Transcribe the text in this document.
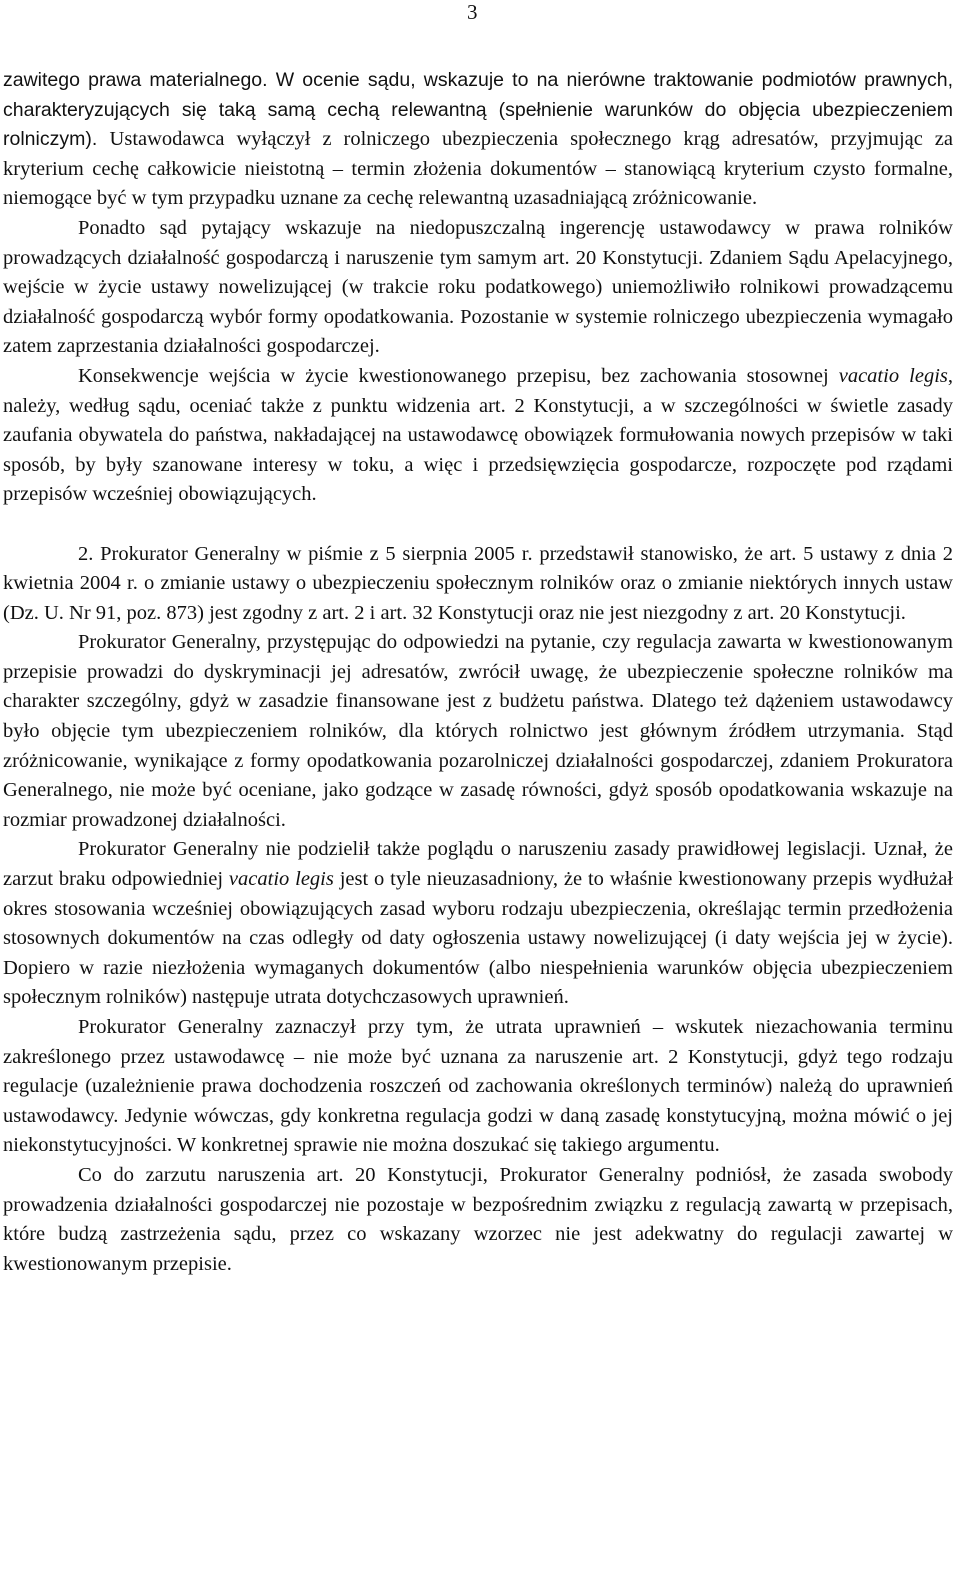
3

zawitego prawa materialnego. W ocenie sądu, wskazuje to na nierówne traktowanie podmiotów prawnych, charakteryzujących się taką samą cechą relewantną (spełnienie warunków do objęcia ubezpieczeniem rolniczym). Ustawodawca wyłączył z rolniczego ubezpieczenia społecznego krąg adresatów, przyjmując za kryterium cechę całkowicie nieistotną – termin złożenia dokumentów – stanowiącą kryterium czysto formalne, niemogące być w tym przypadku uznane za cechę relewantną uzasadniającą zróżnicowanie.

Ponadto sąd pytający wskazuje na niedopuszczalną ingerencję ustawodawcy w prawa rolników prowadzących działalność gospodarczą i naruszenie tym samym art. 20 Konstytucji. Zdaniem Sądu Apelacyjnego, wejście w życie ustawy nowelizującej (w trakcie roku podatkowego) uniemożliwiło rolnikowi prowadzącemu działalność gospodarczą wybór formy opodatkowania. Pozostanie w systemie rolniczego ubezpieczenia wymagało zatem zaprzestania działalności gospodarczej.

Konsekwencje wejścia w życie kwestionowanego przepisu, bez zachowania stosownej vacatio legis, należy, według sądu, oceniać także z punktu widzenia art. 2 Konstytucji, a w szczególności w świetle zasady zaufania obywatela do państwa, nakładającej na ustawodawcę obowiązek formułowania nowych przepisów w taki sposób, by były szanowane interesy w toku, a więc i przedsięwzięcia gospodarcze, rozpoczęte pod rządami przepisów wcześniej obowiązujących.

2. Prokurator Generalny w piśmie z 5 sierpnia 2005 r. przedstawił stanowisko, że art. 5 ustawy z dnia 2 kwietnia 2004 r. o zmianie ustawy o ubezpieczeniu społecznym rolników oraz o zmianie niektórych innych ustaw (Dz. U. Nr 91, poz. 873) jest zgodny z art. 2 i art. 32 Konstytucji oraz nie jest niezgodny z art. 20 Konstytucji.

Prokurator Generalny, przystępując do odpowiedzi na pytanie, czy regulacja zawarta w kwestionowanym przepisie prowadzi do dyskryminacji jej adresatów, zwrócił uwagę, że ubezpieczenie społeczne rolników ma charakter szczególny, gdyż w zasadzie finansowane jest z budżetu państwa. Dlatego też dążeniem ustawodawcy było objęcie tym ubezpieczeniem rolników, dla których rolnictwo jest głównym źródłem utrzymania. Stąd zróżnicowanie, wynikające z formy opodatkowania pozarolniczej działalności gospodarczej, zdaniem Prokuratora Generalnego, nie może być oceniane, jako godzące w zasadę równości, gdyż sposób opodatkowania wskazuje na rozmiar prowadzonej działalności.

Prokurator Generalny nie podzielił także poglądu o naruszeniu zasady prawidłowej legislacji. Uznał, że zarzut braku odpowiedniej vacatio legis jest o tyle nieuzasadniony, że to właśnie kwestionowany przepis wydłużał okres stosowania wcześniej obowiązujących zasad wyboru rodzaju ubezpieczenia, określając termin przedłożenia stosownych dokumentów na czas odległy od daty ogłoszenia ustawy nowelizującej (i daty wejścia jej w życie). Dopiero w razie niezłożenia wymaganych dokumentów (albo niespełnienia warunków objęcia ubezpieczeniem społecznym rolników) następuje utrata dotychczasowych uprawnień.

Prokurator Generalny zaznaczył przy tym, że utrata uprawnień – wskutek niezachowania terminu zakreślonego przez ustawodawcę – nie może być uznana za naruszenie art. 2 Konstytucji, gdyż tego rodzaju regulacje (uzależnienie prawa dochodzenia roszczeń od zachowania określonych terminów) należą do uprawnień ustawodawcy. Jedynie wówczas, gdy konkretna regulacja godzi w daną zasadę konstytucyjną, można mówić o jej niekonstytucyjności. W konkretnej sprawie nie można doszukać się takiego argumentu.

Co do zarzutu naruszenia art. 20 Konstytucji, Prokurator Generalny podniósł, że zasada swobody prowadzenia działalności gospodarczej nie pozostaje w bezpośrednim związku z regulacją zawartą w przepisach, które budzą zastrzeżenia sądu, przez co wskazany wzorzec nie jest adekwatny do regulacji zawartej w kwestionowanym przepisie.
